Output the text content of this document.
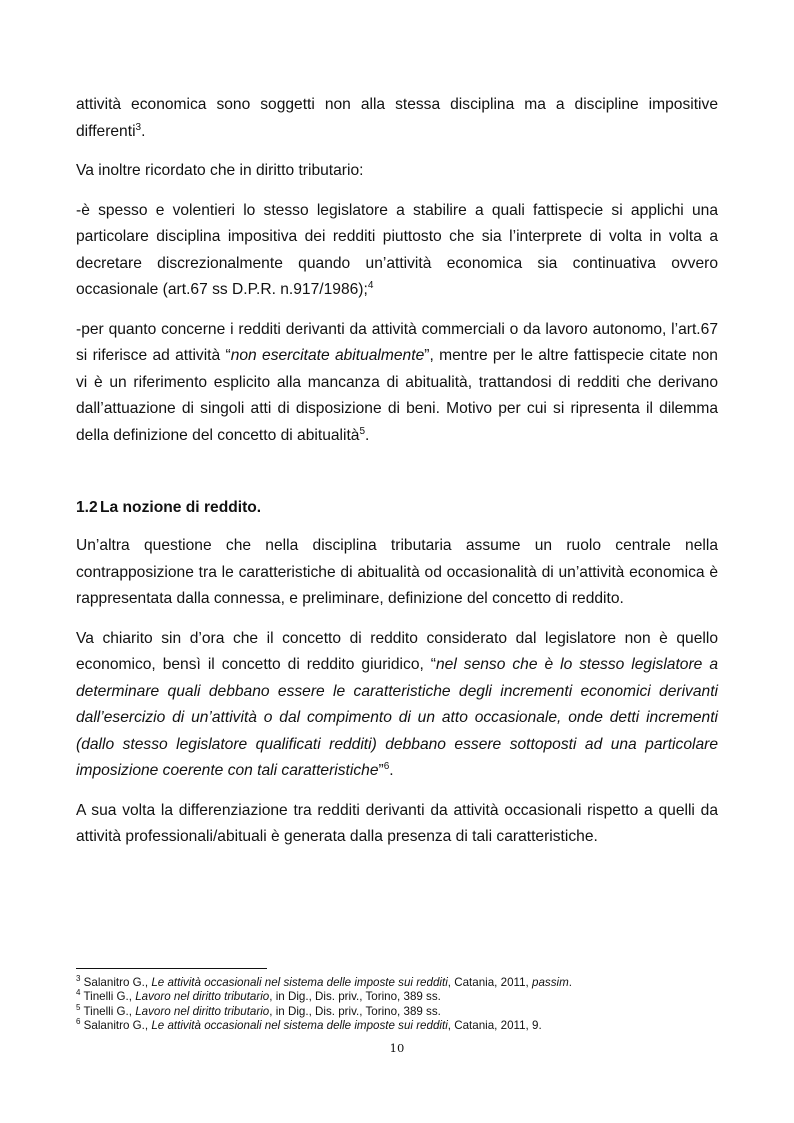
attività economica sono soggetti non alla stessa disciplina ma a discipline impositive differenti$^3$.

Va inoltre ricordato che in diritto tributario:

-è spesso e volentieri lo stesso legislatore a stabilire a quali fattispecie si applichi una particolare disciplina impositiva dei redditi piuttosto che sia l’interprete di volta in volta a decretare discrezionalmente quando un’attività economica sia continuativa ovvero occasionale (art.67 ss D.P.R. n.917/1986);$^4$

-per quanto concerne i redditi derivanti da attività commerciali o da lavoro autonomo, l’art.67 si riferisce ad attività “non esercitate abitualmente”, mentre per le altre fattispecie citate non vi è un riferimento esplicito alla mancanza di abitualità, trattandosi di redditi che derivano dall’attuazione di singoli atti di disposizione di beni. Motivo per cui si ripresenta il dilemma della definizione del concetto di abitualità$^5$.

1.2 La nozione di reddito.

Un’altra questione che nella disciplina tributaria assume un ruolo centrale nella contrapposizione tra le caratteristiche di abitualità od occasionalità di un’attività economica è rappresentata dalla connessa, e preliminare, definizione del concetto di reddito.

Va chiarito sin d’ora che il concetto di reddito considerato dal legislatore non è quello economico, bensì il concetto di reddito giuridico, “nel senso che è lo stesso legislatore a determinare quali debbano essere le caratteristiche degli incrementi economici derivanti dall’esercizio di un’attività o dal compimento di un atto occasionale, onde detti incrementi (dallo stesso legislatore qualificati redditi) debbano essere sottoposti ad una particolare imposizione coerente con tali caratteristiche”$^6$.

A sua volta la differenziazione tra redditi derivanti da attività occasionali rispetto a quelli da attività professionali/abituali è generata dalla presenza di tali caratteristiche.

$^3$ Salanitro G., Le attività occasionali nel sistema delle imposte sui redditi, Catania, 2011, passim.

$^4$ Tinelli G., Lavoro nel diritto tributario, in Dig., Dis. priv., Torino, 389 ss.

$^5$ Tinelli G., Lavoro nel diritto tributario, in Dig., Dis. priv., Torino, 389 ss.

$^6$ Salanitro G., Le attività occasionali nel sistema delle imposte sui redditi, Catania, 2011, 9.

10
